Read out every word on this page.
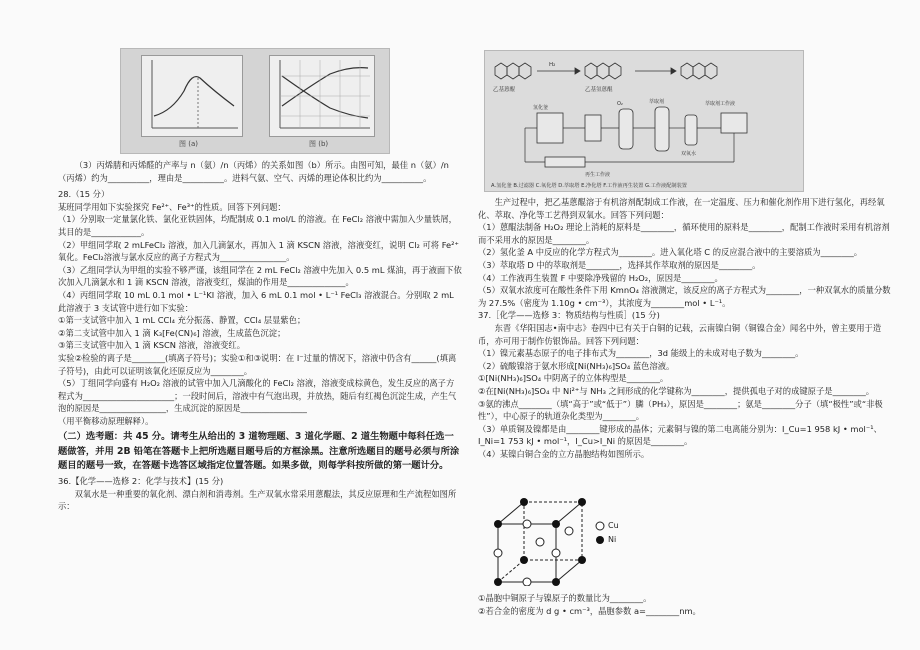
图 (a)	图 (b)

（3）丙烯腈和丙烯醛的产率与 n（氨）/n（丙烯）的关系如图（b）所示。由图可知，最佳 n（氨）/n（丙烯）约为__________，理由是__________。进料气氨、空气、丙烯的理论体积比约为__________。

28.（15 分）

某班同学用如下实验探究 Fe²⁺、Fe³⁺的性质。回答下列问题：

（1）分别取一定量氯化铁、氯化亚铁固体，均配制成 0.1 mol/L 的溶液。在 FeCl₂ 溶液中需加入少量铁屑，其目的是____________。

（2）甲组同学取 2 mLFeCl₂ 溶液，加入几滴氯水，再加入 1 滴 KSCN 溶液，溶液变红，说明 Cl₂ 可将 Fe²⁺氧化。FeCl₂溶液与氯水反应的离子方程式为________________。

（3）乙组同学认为甲组的实验不够严谨，该组同学在 2 mL FeCl₂ 溶液中先加入 0.5 mL 煤油，再于液面下依次加入几滴氯水和 1 滴 KSCN 溶液，溶液变红，煤油的作用是______________。

（4）丙组同学取 10 mL 0.1 mol • L⁻¹KI 溶液，加入 6 mL 0.1 mol • L⁻¹ FeCl₃ 溶液混合。分别取 2 mL 此溶液于 3 支试管中进行如下实验：

①第一支试管中加入 1 mL CCl₄ 充分振荡、静置，CCl₄ 层显紫色；

②第二支试管中加入 1 滴 K₃[Fe(CN)₆] 溶液，生成蓝色沉淀；

③第三支试管中加入 1 滴 KSCN 溶液，溶液变红。

实验②检验的离子是________(填离子符号)；实验①和③说明：在 I⁻过量的情况下，溶液中仍含有______(填离子符号)，由此可以证明该氧化还原反应为________。

（5）丁组同学向盛有 H₂O₂ 溶液的试管中加入几滴酸化的 FeCl₂ 溶液，溶液变成棕黄色，发生反应的离子方程式为______________________；一段时间后，溶液中有气泡出现，并放热，随后有红褐色沉淀生成，产生气泡的原因是________________，生成沉淀的原因是________________

（用平衡移动原理解释）。

（二）选考题：共 45 分。请考生从给出的 3 道物理题、3 道化学题、2 道生物题中每科任选一题做答，并用 2B 铅笔在答题卡上把所选题目题号后的方框涂黑。注意所选题目的题号必须与所涂题目的题号一致，在答题卡选答区域指定位置答题。如果多做，则每学科按所做的第一题计分。

36.【化学——选修 2：化学与技术】(15 分)

双氧水是一种重要的氧化剂、漂白剂和消毒剂。生产双氧水常采用蒽醌法，其反应原理和生产流程如图所示：

乙基蒽醌	乙基氢蒽醌
H₂
氢化釜
O₂	萃取剂	萃取剂工作液
再生工作液
双氧水
A.氢化釜 B.过滤器 C.氧化塔 D.萃取塔 E.净化塔 F.工作液再生装置 G.工作液配制装置

生产过程中，把乙基蒽醌溶于有机溶剂配制成工作液，在一定温度、压力和催化剂作用下进行氢化，再经氧化、萃取、净化等工艺得到双氧水。回答下列问题：

（1）蒽醌法制备 H₂O₂ 理论上消耗的原料是________，循环使用的原料是________，配制工作液时采用有机溶剂而不采用水的原因是________。

（2）氢化釜 A 中反应的化学方程式为________。进入氧化塔 C 的反应混合液中的主要溶质为________。

（3）萃取塔 D 中的萃取剂是________，选择其作萃取剂的原因是________。

（4）工作液再生装置 F 中要除净残留的 H₂O₂，原因是________。

（5）双氧水浓度可在酸性条件下用 KmnO₄ 溶液测定，该反应的离子方程式为________，一种双氧水的质量分数为 27.5%（密度为 1.10g • cm⁻³），其浓度为________mol • L⁻¹。

37.［化学——选修 3：物质结构与性质］(15 分)

东晋《华阳国志•南中志》卷四中已有关于白铜的记载，云南镍白铜（铜镍合金）闻名中外，曾主要用于造币，亦可用于制作仿银饰品。回答下列问题：

（1）镍元素基态原子的电子排布式为________，3d 能级上的未成对电子数为________。

（2）硫酸镍溶于氨水形成[Ni(NH₃)₆]SO₄ 蓝色溶液。

①[Ni(NH₃)₆]SO₄ 中阴离子的立体构型是________。

②在[Ni(NH₃)₆]SO₄ 中 Ni²⁺与 NH₃ 之间形成的化学键称为________，提供孤电子对的成键原子是________。

③氨的沸点________（填“高于”或“低于”）膦（PH₃），原因是________；氨是________分子（填“极性”或“非极性”），中心原子的轨道杂化类型为________。

（3）单质铜及镍都是由________键形成的晶体；元素铜与镍的第二电离能分别为：I_Cu=1 958 kJ • mol⁻¹、I_Ni=1 753 kJ • mol⁻¹，I_Cu>I_Ni 的原因是________。

（4）某镍白铜合金的立方晶胞结构如图所示。

Cu
Ni

①晶胞中铜原子与镍原子的数量比为________。

②若合金的密度为 d g • cm⁻³，晶胞参数 a=________nm。
